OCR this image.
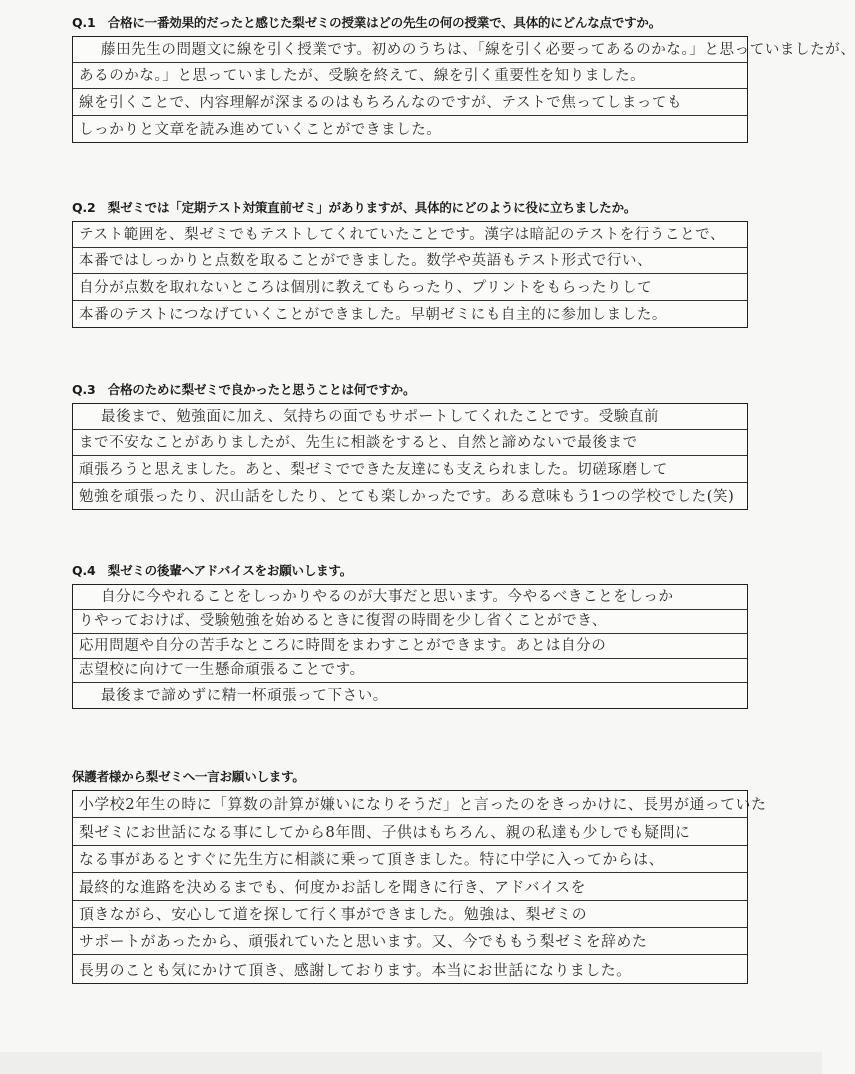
Q.1　合格に一番効果的だったと感じた梨ゼミの授業はどの先生の何の授業で、具体的にどんな点ですか。
藤田先生の問題文に線を引く授業です。初めのうちは、「線を引く必要ってあるのかな。」と思っていましたが、
あるのかな。」と思っていましたが、受験を終えて、線を引く重要性を知りました。
線を引くことで、内容理解が深まるのはもちろんなのですが、テストで焦ってしまっても
しっかりと文章を読み進めていくことができました。
Q.2　梨ゼミでは「定期テスト対策直前ゼミ」がありますが、具体的にどのように役に立ちましたか。
テスト範囲を、梨ゼミでもテストしてくれていたことです。漢字は暗記のテストを行うことで、
本番ではしっかりと点数を取ることができました。数学や英語もテスト形式で行い、
自分が点数を取れないところは個別に教えてもらったり、プリントをもらったりして
本番のテストにつなげていくことができました。早朝ゼミにも自主的に参加しました。
Q.3　合格のために梨ゼミで良かったと思うことは何ですか。
最後まで、勉強面に加え、気持ちの面でもサポートしてくれたことです。受験直前
まで不安なことがありましたが、先生に相談をすると、自然と諦めないで最後まで
頑張ろうと思えました。あと、梨ゼミでできた友達にも支えられました。切磋琢磨して
勉強を頑張ったり、沢山話をしたり、とても楽しかったです。ある意味もう1つの学校でした(笑)
Q.4　梨ゼミの後輩へアドバイスをお願いします。
自分に今やれることをしっかりやるのが大事だと思います。今やるべきことをしっか
りやっておけば、受験勉強を始めるときに復習の時間を少し省くことができ、
応用問題や自分の苦手なところに時間をまわすことができます。あとは自分の
志望校に向けて一生懸命頑張ることです。
最後まで諦めずに精一杯頑張って下さい。
保護者様から梨ゼミへ一言お願いします。
小学校2年生の時に「算数の計算が嫌いになりそうだ」と言ったのをきっかけに、長男が通っていた
梨ゼミにお世話になる事にしてから8年間、子供はもちろん、親の私達も少しでも疑問に
なる事があるとすぐに先生方に相談に乗って頂きました。特に中学に入ってからは、
最終的な進路を決めるまでも、何度かお話しを聞きに行き、アドバイスを
頂きながら、安心して道を探して行く事ができました。勉強は、梨ゼミの
サポートがあったから、頑張れていたと思います。又、今でももう梨ゼミを辞めた
長男のことも気にかけて頂き、感謝しております。本当にお世話になりました。
